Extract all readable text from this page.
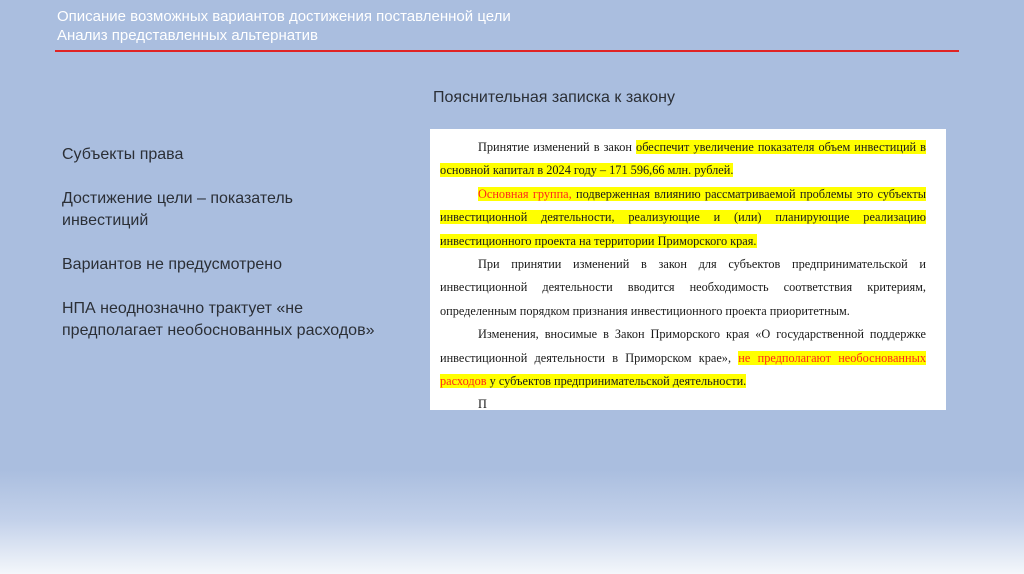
Описание возможных вариантов достижения поставленной цели
Анализ представленных альтернатив

Субъекты права

Достижение цели – показатель инвестиций

Вариантов не предусмотрено

НПА неоднозначно трактует «не предполагает необоснованных расходов»

Пояснительная записка к закону

Принятие изменений в закон обеспечит увеличение показателя объем инвестиций в основной капитал в 2024 году – 171 596,66 млн. рублей.

Основная группа, подверженная влиянию рассматриваемой проблемы это субъекты инвестиционной деятельности, реализующие и (или) планирующие реализацию инвестиционного проекта на территории Приморского края.

При принятии изменений в закон для субъектов предпринимательской и инвестиционной деятельности вводится необходимость соответствия критериям, определенным порядком признания инвестиционного проекта приоритетным.

Изменения, вносимые в Закон Приморского края «О государственной поддержке инвестиционной деятельности в Приморском крае», не предполагают необоснованных расходов у субъектов предпринимательской деятельности.

П
